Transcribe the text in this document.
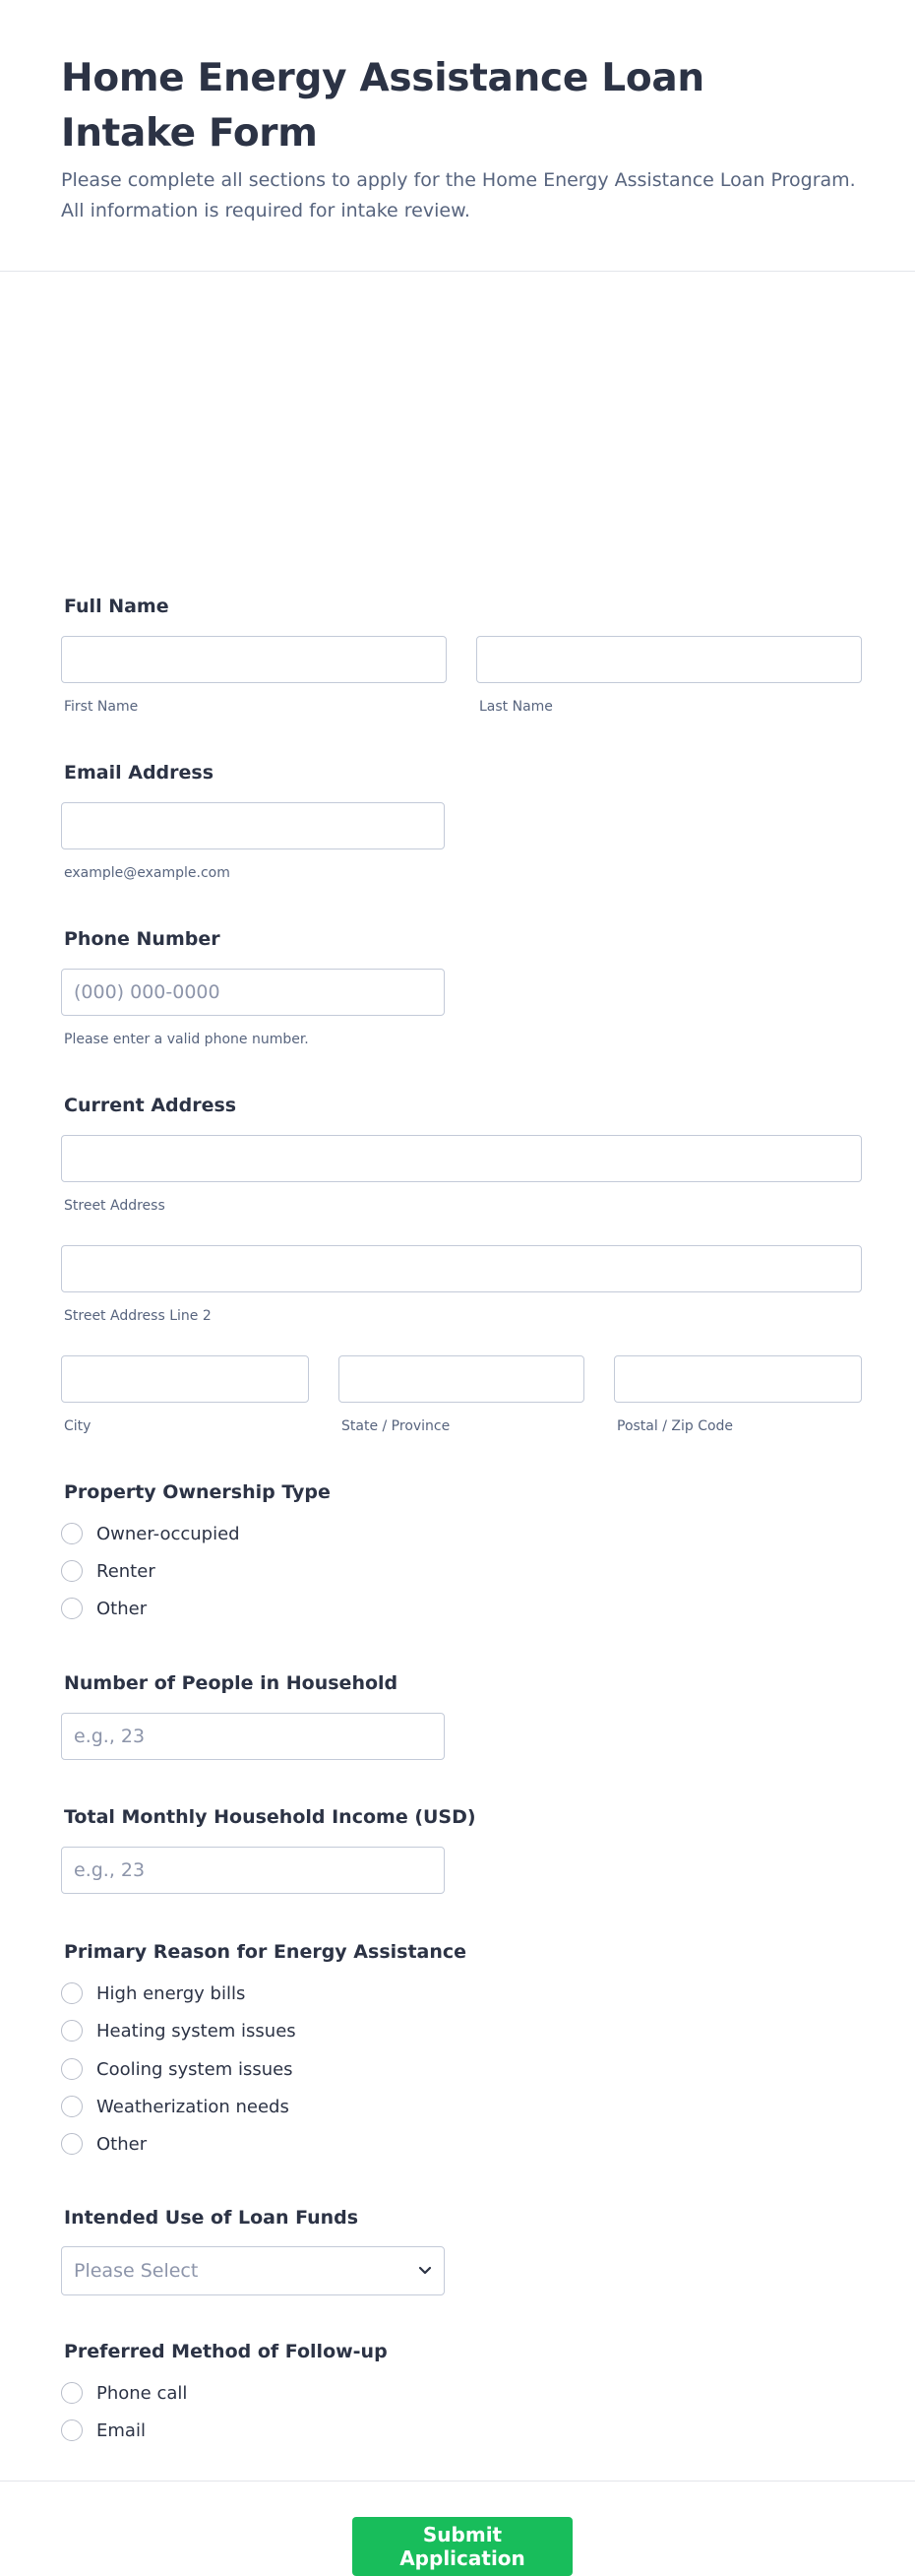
Home Energy Assistance Loan Intake Form

Please complete all sections to apply for the Home Energy Assistance Loan Program. All information is required for intake review.

Full Name
First Name	Last Name
Email Address
example@example.com
Phone Number
(000) 000-0000
Please enter a valid phone number.
Current Address
Street Address
Street Address Line 2
City	State / Province	Postal / Zip Code
Property Ownership Type
Owner-occupied
Renter
Other
Number of People in Household
e.g., 23
Total Monthly Household Income (USD)
e.g., 23
Primary Reason for Energy Assistance
High energy bills
Heating system issues
Cooling system issues
Weatherization needs
Other
Intended Use of Loan Funds
Please Select
Preferred Method of Follow-up
Phone call
Email
Submit Application
